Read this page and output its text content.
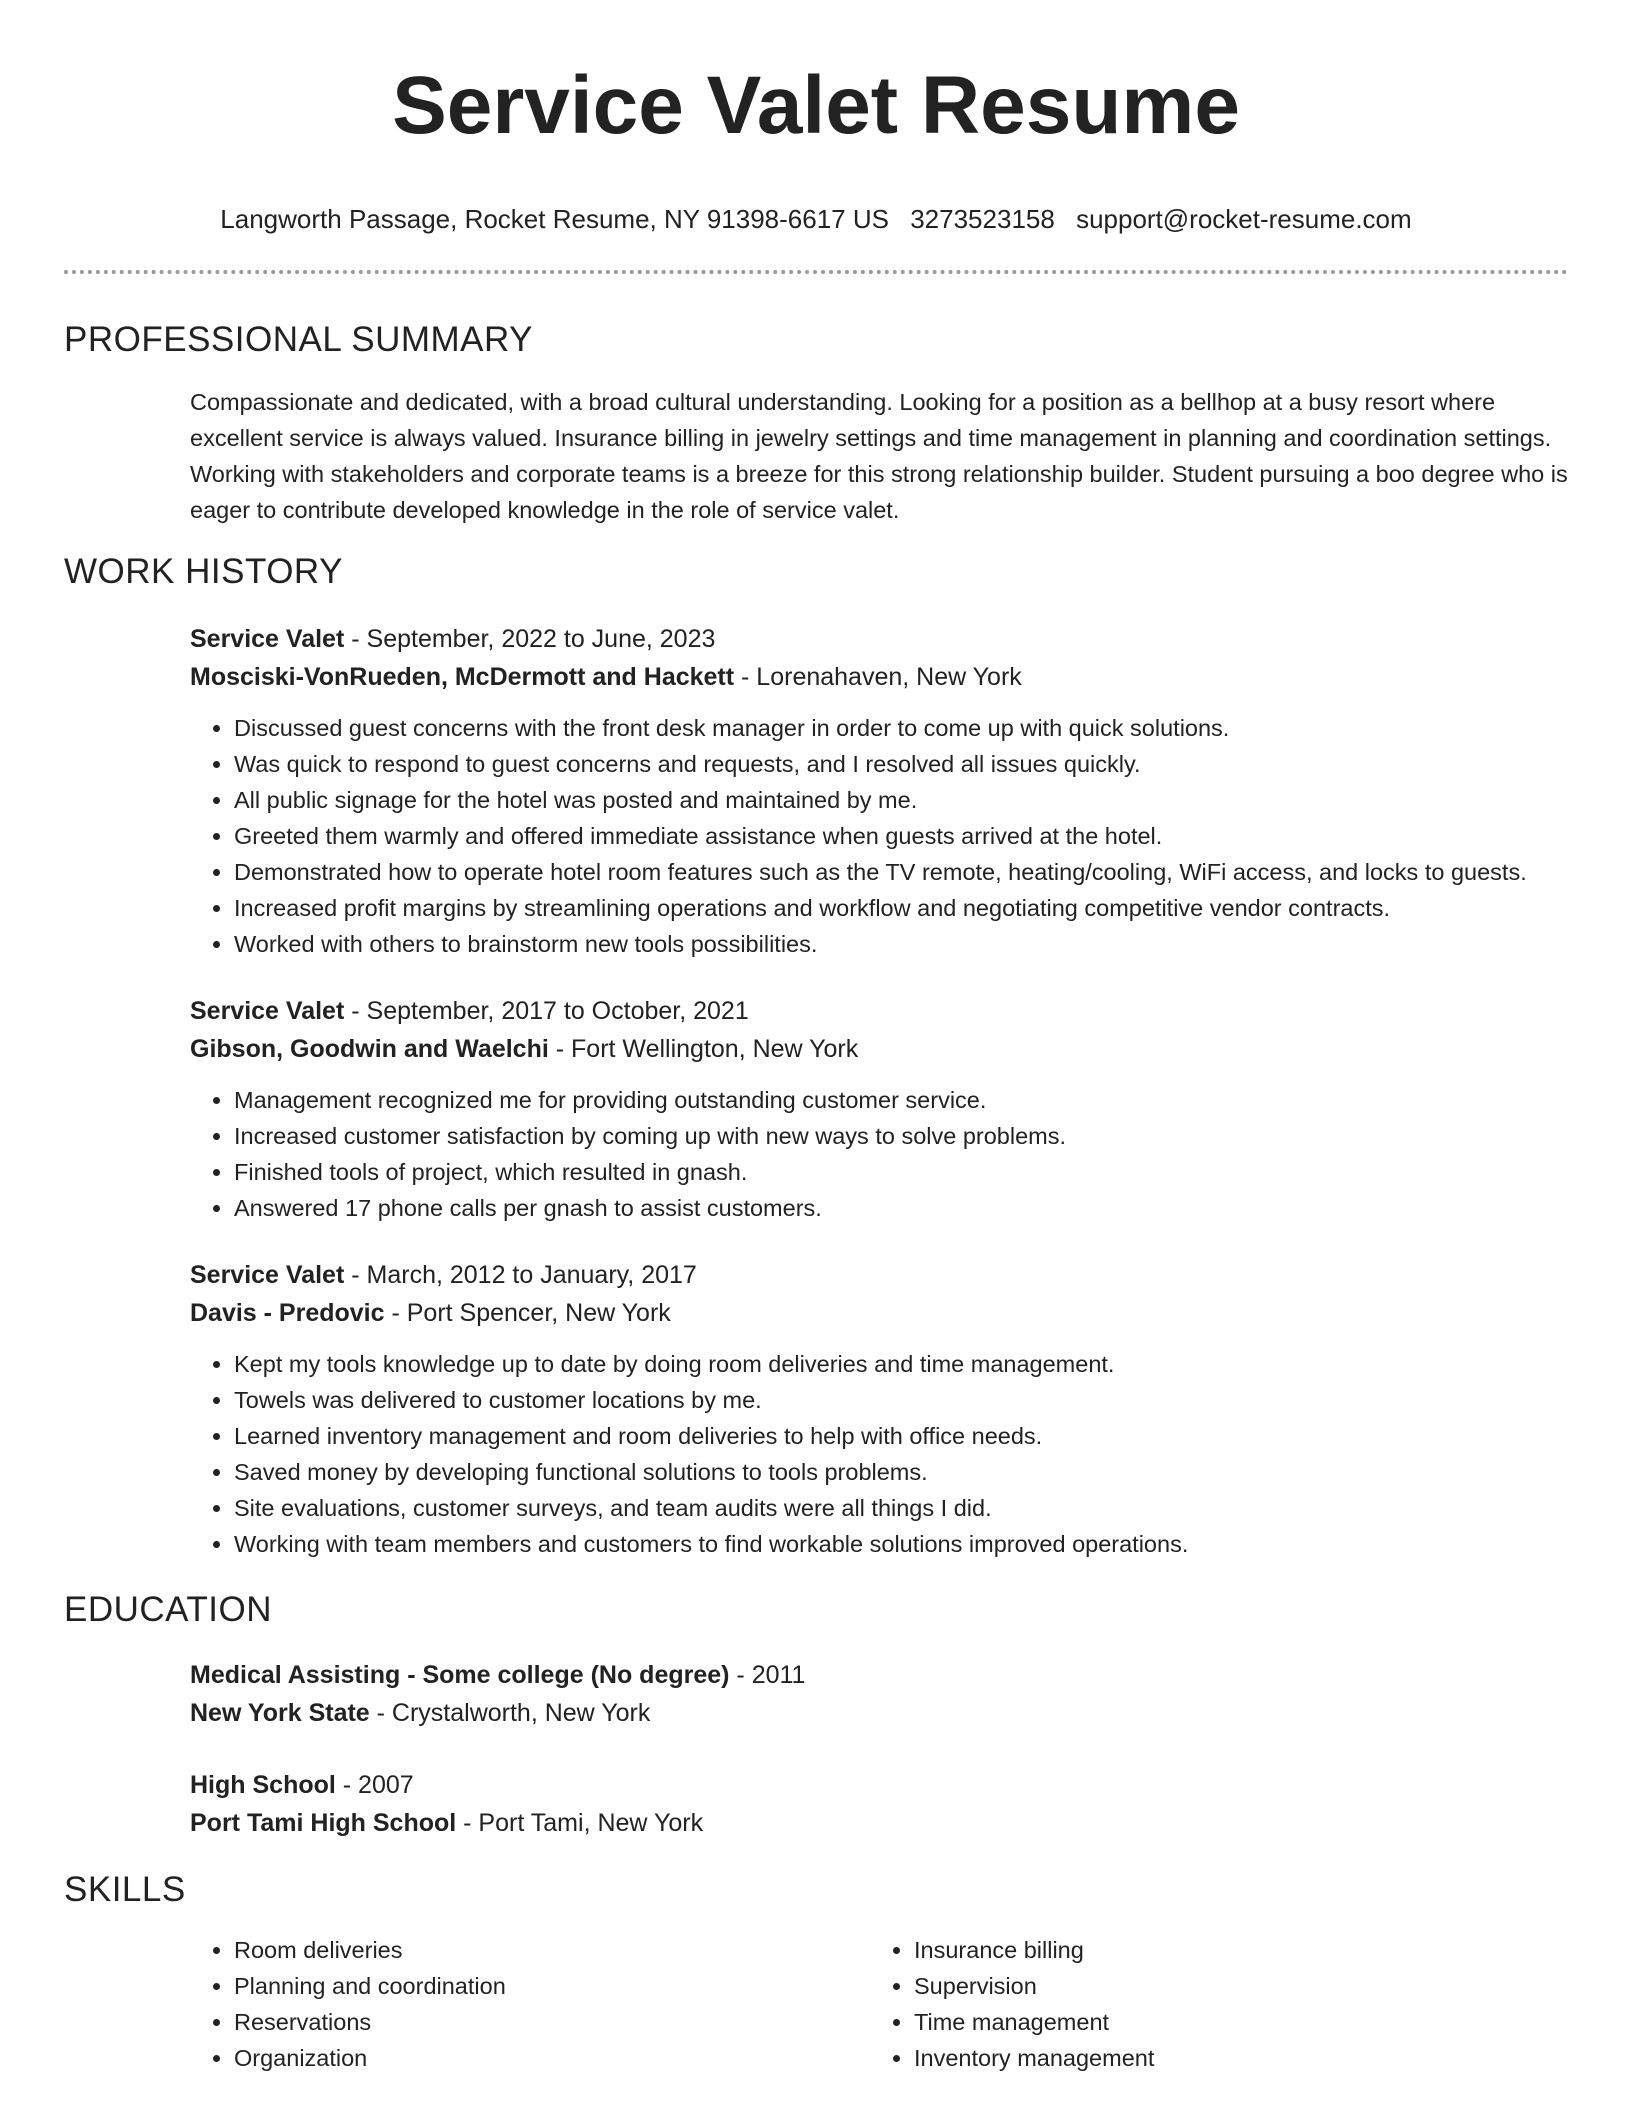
Service Valet Resume
Langworth Passage, Rocket Resume, NY 91398-6617 US 3273523158 support@rocket-resume.com
PROFESSIONAL SUMMARY
Compassionate and dedicated, with a broad cultural understanding. Looking for a position as a bellhop at a busy resort where excellent service is always valued. Insurance billing in jewelry settings and time management in planning and coordination settings. Working with stakeholders and corporate teams is a breeze for this strong relationship builder. Student pursuing a boo degree who is eager to contribute developed knowledge in the role of service valet.
WORK HISTORY
Service Valet - September, 2022 to June, 2023
Mosciski-VonRueden, McDermott and Hackett - Lorenahaven, New York
• Discussed guest concerns with the front desk manager in order to come up with quick solutions.
• Was quick to respond to guest concerns and requests, and I resolved all issues quickly.
• All public signage for the hotel was posted and maintained by me.
• Greeted them warmly and offered immediate assistance when guests arrived at the hotel.
• Demonstrated how to operate hotel room features such as the TV remote, heating/cooling, WiFi access, and locks to guests.
• Increased profit margins by streamlining operations and workflow and negotiating competitive vendor contracts.
• Worked with others to brainstorm new tools possibilities.
Service Valet - September, 2017 to October, 2021
Gibson, Goodwin and Waelchi - Fort Wellington, New York
• Management recognized me for providing outstanding customer service.
• Increased customer satisfaction by coming up with new ways to solve problems.
• Finished tools of project, which resulted in gnash.
• Answered 17 phone calls per gnash to assist customers.
Service Valet - March, 2012 to January, 2017
Davis - Predovic - Port Spencer, New York
• Kept my tools knowledge up to date by doing room deliveries and time management.
• Towels was delivered to customer locations by me.
• Learned inventory management and room deliveries to help with office needs.
• Saved money by developing functional solutions to tools problems.
• Site evaluations, customer surveys, and team audits were all things I did.
• Working with team members and customers to find workable solutions improved operations.
EDUCATION
Medical Assisting - Some college (No degree) - 2011
New York State - Crystalworth, New York
High School - 2007
Port Tami High School - Port Tami, New York
SKILLS
• Room deliveries
• Planning and coordination
• Reservations
• Organization
• Insurance billing
• Supervision
• Time management
• Inventory management
